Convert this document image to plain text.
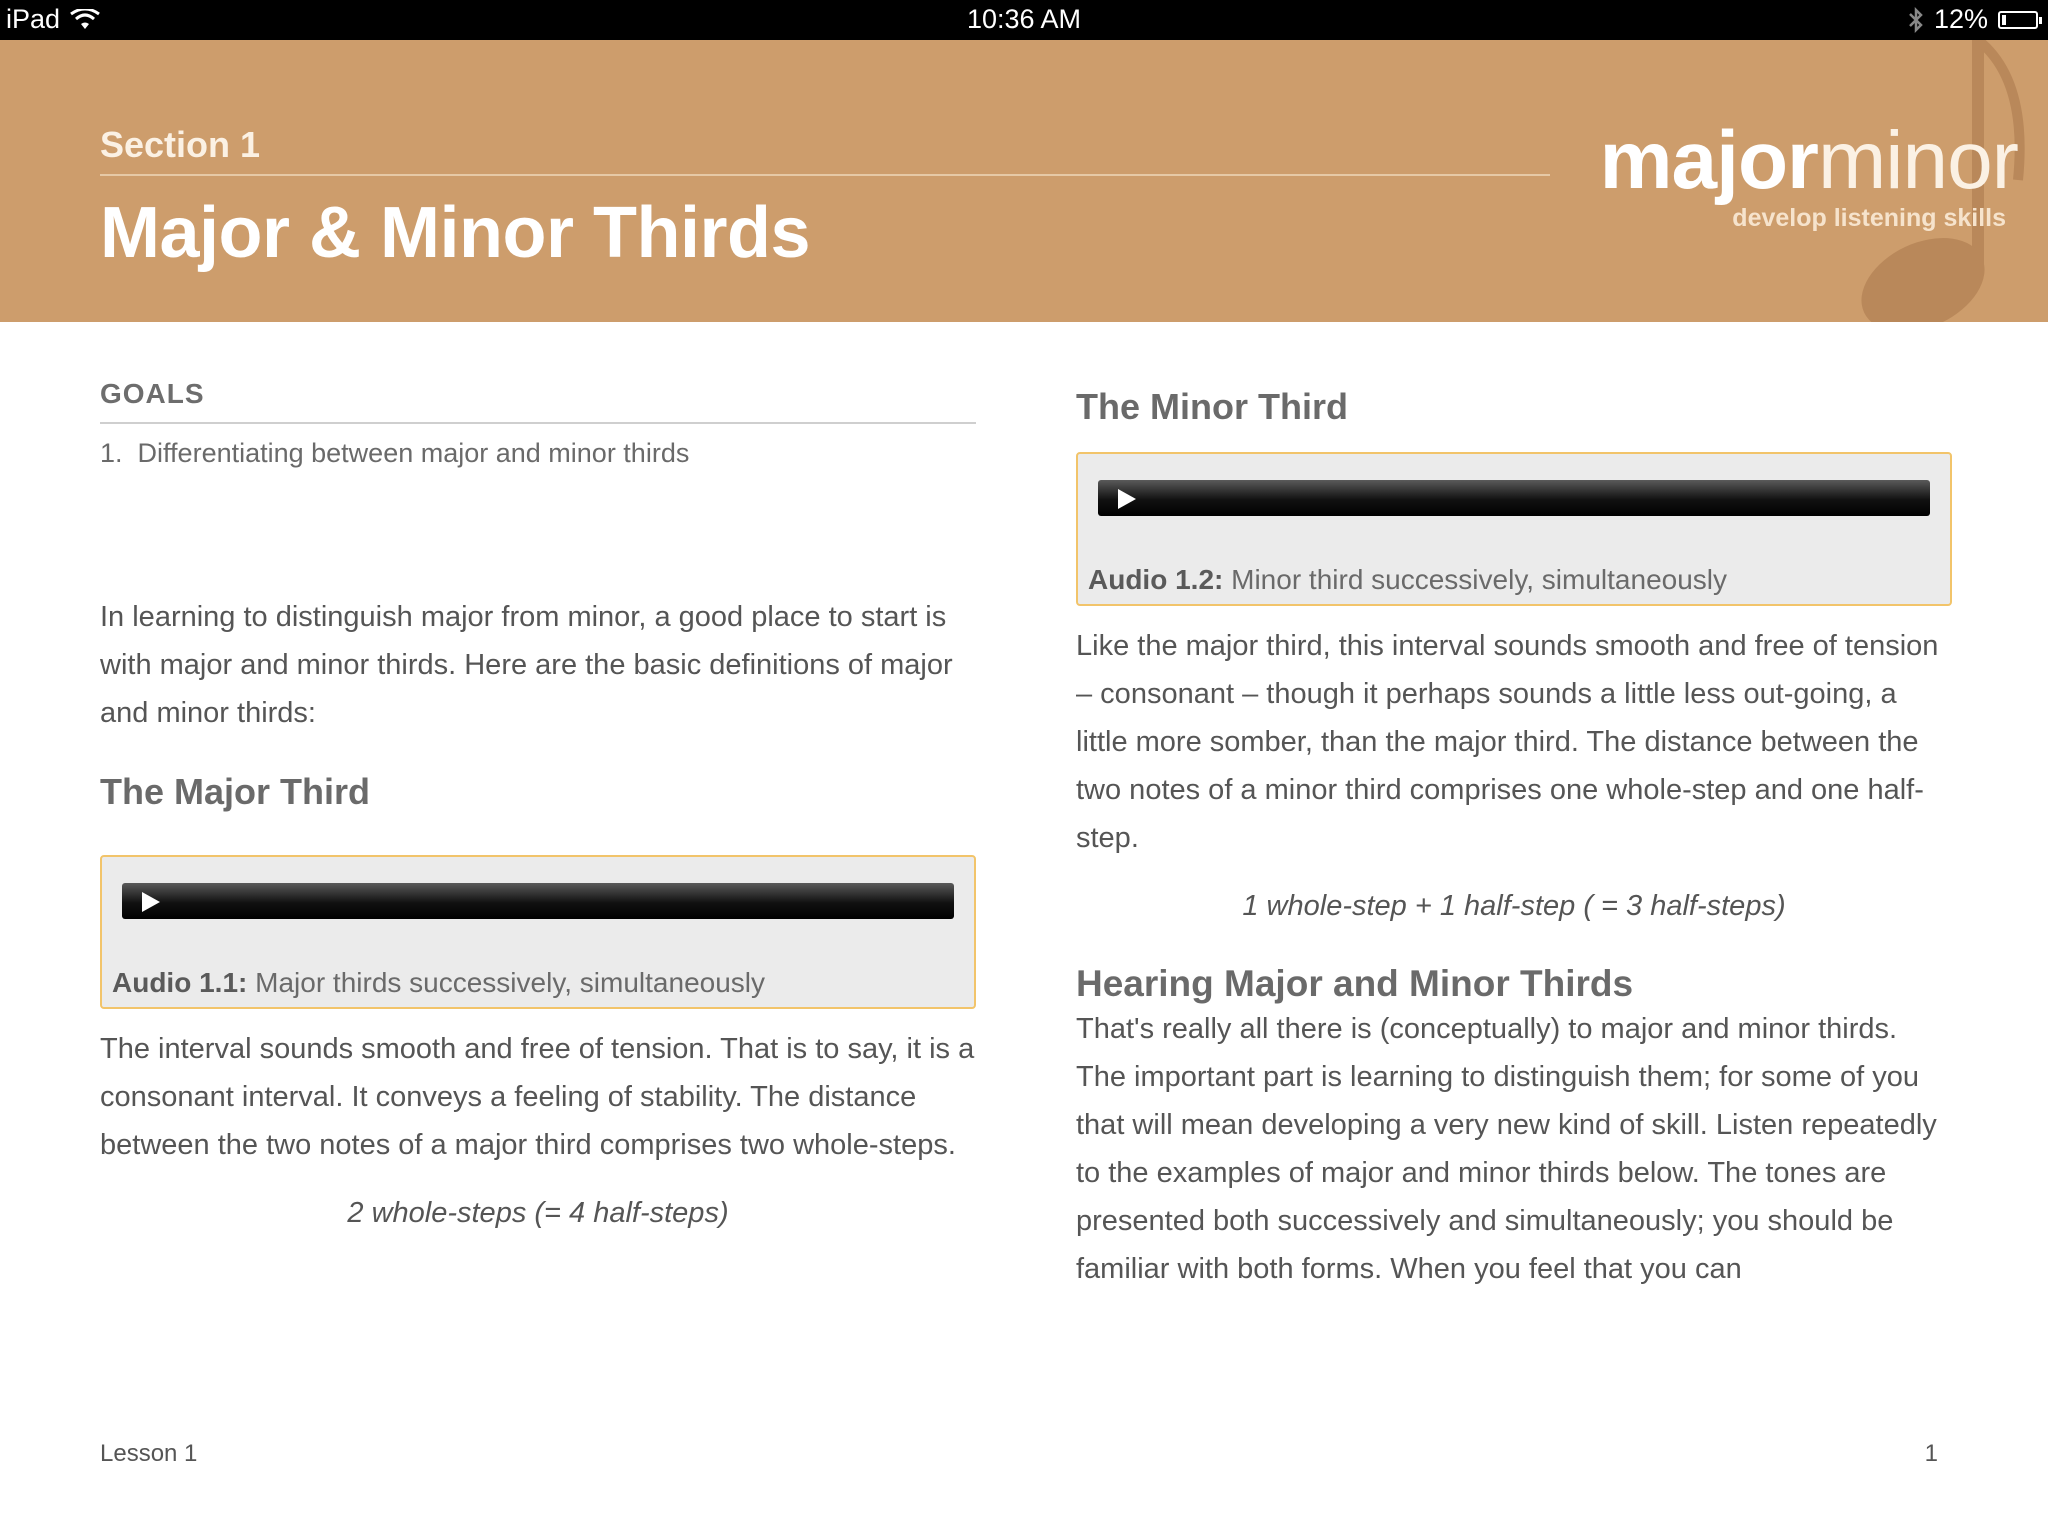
iPad	10:36 AM	12%
Section 1
Major & Minor Thirds
majorminor
develop listening skills
GOALS
1. Differentiating between major and minor thirds
In learning to distinguish major from minor, a good place to start is with major and minor thirds. Here are the basic definitions of major and minor thirds:
The Major Third
Audio 1.1: Major thirds successively, simultaneously
The interval sounds smooth and free of tension. That is to say, it is a consonant interval. It conveys a feeling of stability. The distance between the two notes of a major third comprises two whole-steps.
2 whole-steps (= 4 half-steps)
The Minor Third
Audio 1.2: Minor third successively, simultaneously
Like the major third, this interval sounds smooth and free of tension – consonant – though it perhaps sounds a little less out-going, a little more somber, than the major third. The distance between the two notes of a minor third comprises one whole-step and one half-step.
1 whole-step + 1 half-step ( = 3 half-steps)
Hearing Major and Minor Thirds
That's really all there is (conceptually) to major and minor thirds. The important part is learning to distinguish them; for some of you that will mean developing a very new kind of skill. Listen repeatedly to the examples of major and minor thirds below. The tones are presented both successively and simultaneously; you should be familiar with both forms. When you feel that you can
Lesson 1	1
